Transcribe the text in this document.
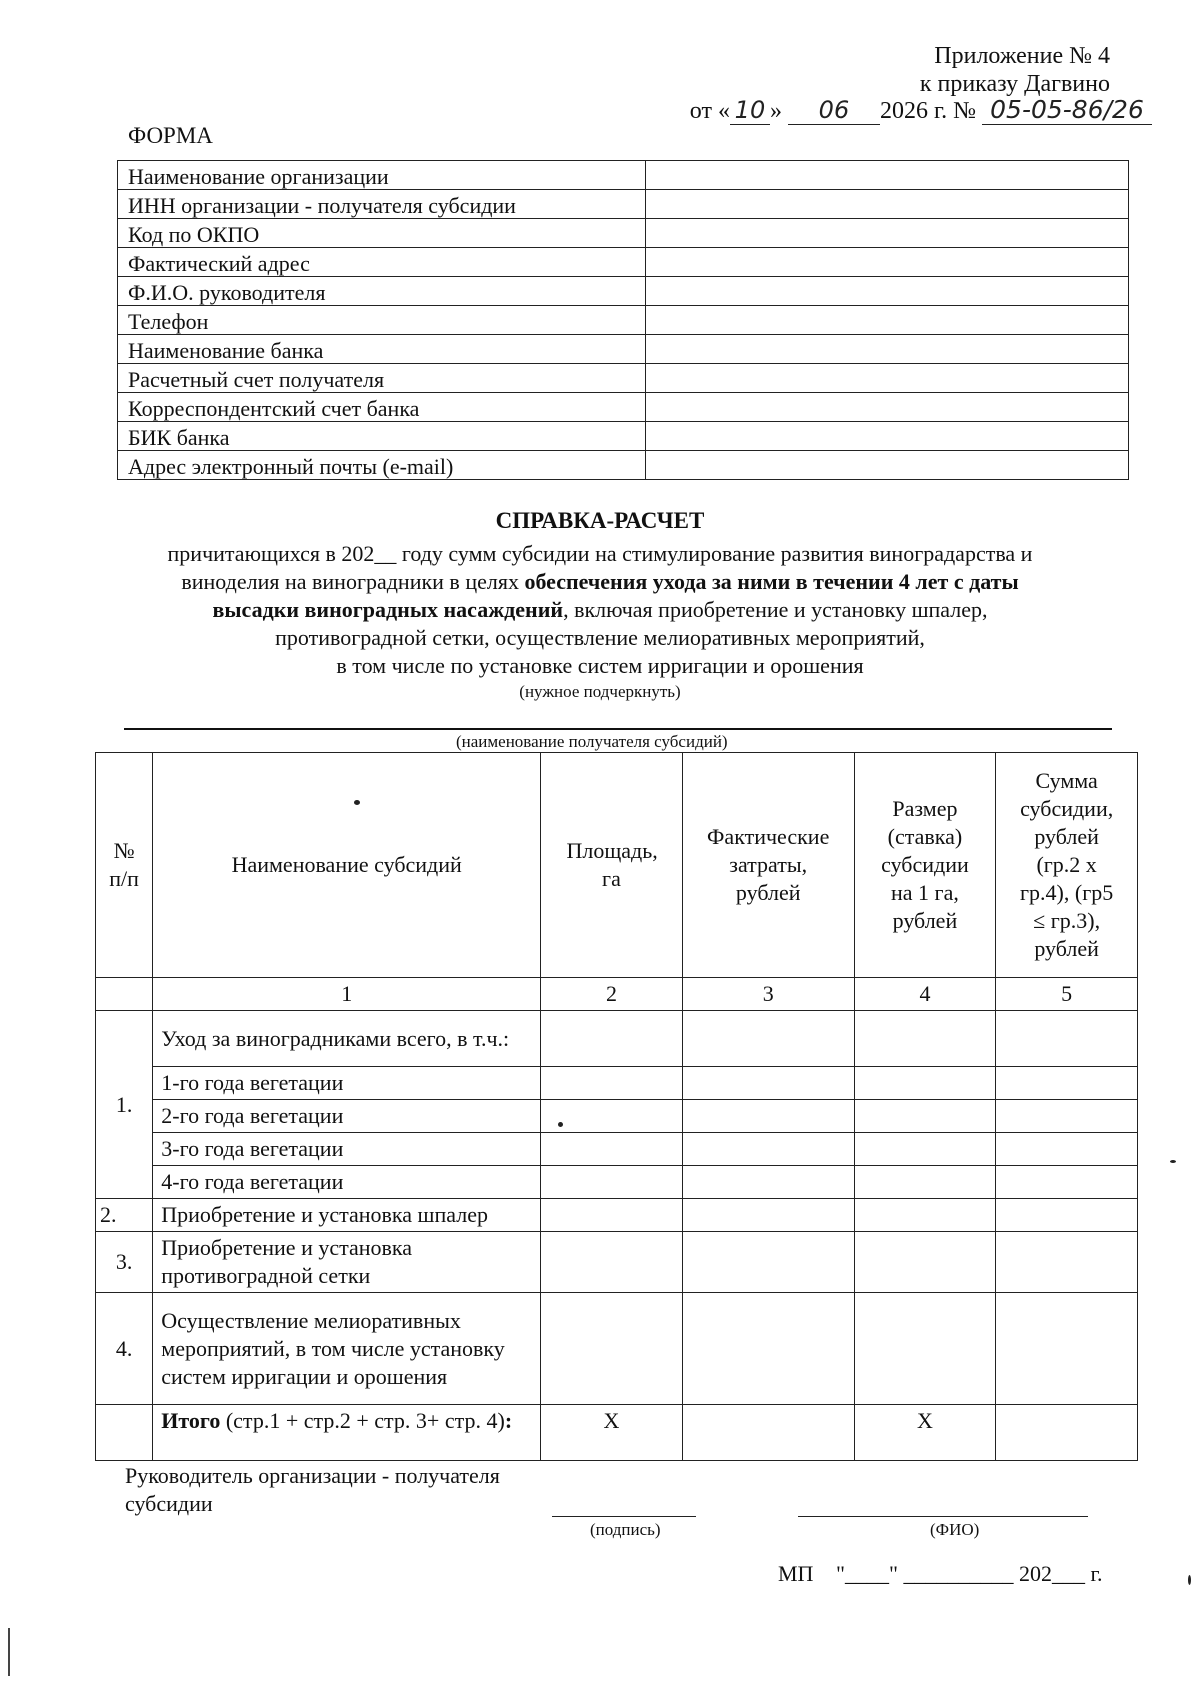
Приложение № 4
к приказу Дагвино
от « 10 » 06 2026 г. № 05-05-86/26
ФОРМА
Наименование организации	
ИНН организации - получателя субсидии	
Код по ОКПО	
Фактический адрес	
Ф.И.О. руководителя	
Телефон	
Наименование банка	
Расчетный счет получателя	
Корреспондентский счет банка	
БИК банка	
Адрес электронный почты (e-mail)	
СПРАВКА-РАСЧЕТ
причитающихся в 202__ году сумм субсидии на стимулирование развития виноградарства и
виноделия на виноградники в целях обеспечения ухода за ними в течении 4 лет с даты
высадки виноградных насаждений, включая приобретение и установку шпалер,
противоградной сетки, осуществление мелиоративных мероприятий,
в том числе по установке систем ирригации и орошения
(нужное подчеркнуть)
(наименование получателя субсидий)
№ п/п	Наименование субсидий	Площадь, га	Фактические затраты, рублей	Размер (ставка) субсидии на 1 га, рублей	Сумма субсидии, рублей (гр.2 х гр.4), (гр5 ≤ гр.3), рублей
	1	2	3	4	5
1.	Уход за виноградниками всего, в т.ч.:				
	1-го года вегетации				
	2-го года вегетации				
	3-го года вегетации				
	4-го года вегетации				
2.	Приобретение и установка шпалер				
3.	Приобретение и установка противоградной сетки				
4.	Осуществление мелиоративных мероприятий, в том числе установку систем ирригации и орошения				
	Итого (стр.1 + стр.2 + стр. 3+ стр. 4):	X		X	
Руководитель организации - получателя
субсидии
(подпись)	(ФИО)
МП "____" __________ 202___ г.
